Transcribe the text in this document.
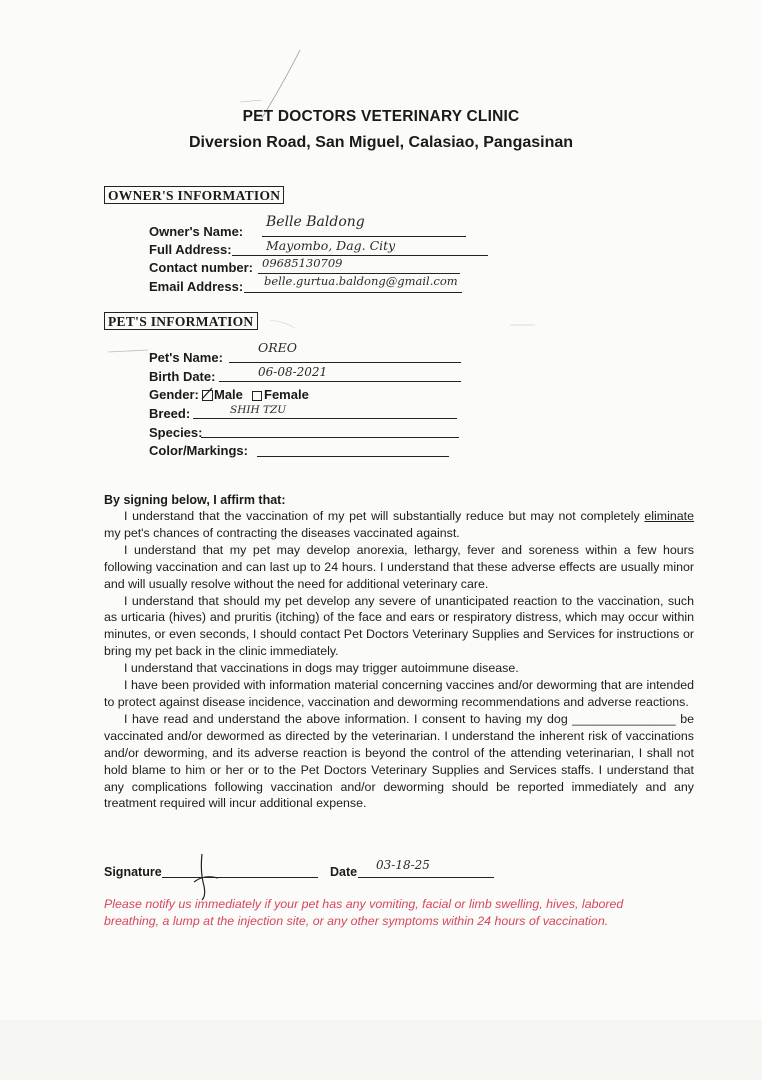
PET DOCTORS VETERINARY CLINIC
Diversion Road, San Miguel, Calasiao, Pangasinan
OWNER'S INFORMATION
Owner's Name:
Belle Baldong
Full Address:	Mayombo, Dag. City
Contact number: 09685130709
Email Address: belle.gurtua.baldong@gmail.com
PET'S INFORMATION
Pet's Name:
OREO
Birth Date:	06-08-2021
Gender: Male Female
Breed:	SHIH TZU
Species:
Color/Markings:
By signing below, I affirm that:

I understand that the vaccination of my pet will substantially reduce but may not completely eliminate my pet's chances of contracting the diseases vaccinated against.

I understand that my pet may develop anorexia, lethargy, fever and soreness within a few hours following vaccination and can last up to 24 hours. I understand that these adverse effects are usually minor and will usually resolve without the need for additional veterinary care.

I understand that should my pet develop any severe of unanticipated reaction to the vaccination, such as urticaria (hives) and pruritis (itching) of the face and ears or respiratory distress, which may occur within minutes, or even seconds, I should contact Pet Doctors Veterinary Supplies and Services for instructions or bring my pet back in the clinic immediately.

I understand that vaccinations in dogs may trigger autoimmune disease.

I have been provided with information material concerning vaccines and/or deworming that are intended to protect against disease incidence, vaccination and deworming recommendations and adverse reactions.

I have read and understand the above information. I consent to having my dog _______________ be vaccinated and/or dewormed as directed by the veterinarian. I understand the inherent risk of vaccinations and/or deworming, and its adverse reaction is beyond the control of the attending veterinarian, I shall not hold blame to him or her or to the Pet Doctors Veterinary Supplies and Services staffs. I understand that any complications following vaccination and/or deworming should be reported immediately and any treatment required will incur additional expense.

Signature	Date 03-18-25
Please notify us immediately if your pet has any vomiting, facial or limb swelling, hives, labored breathing, a lump at the injection site, or any other symptoms within 24 hours of vaccination.
